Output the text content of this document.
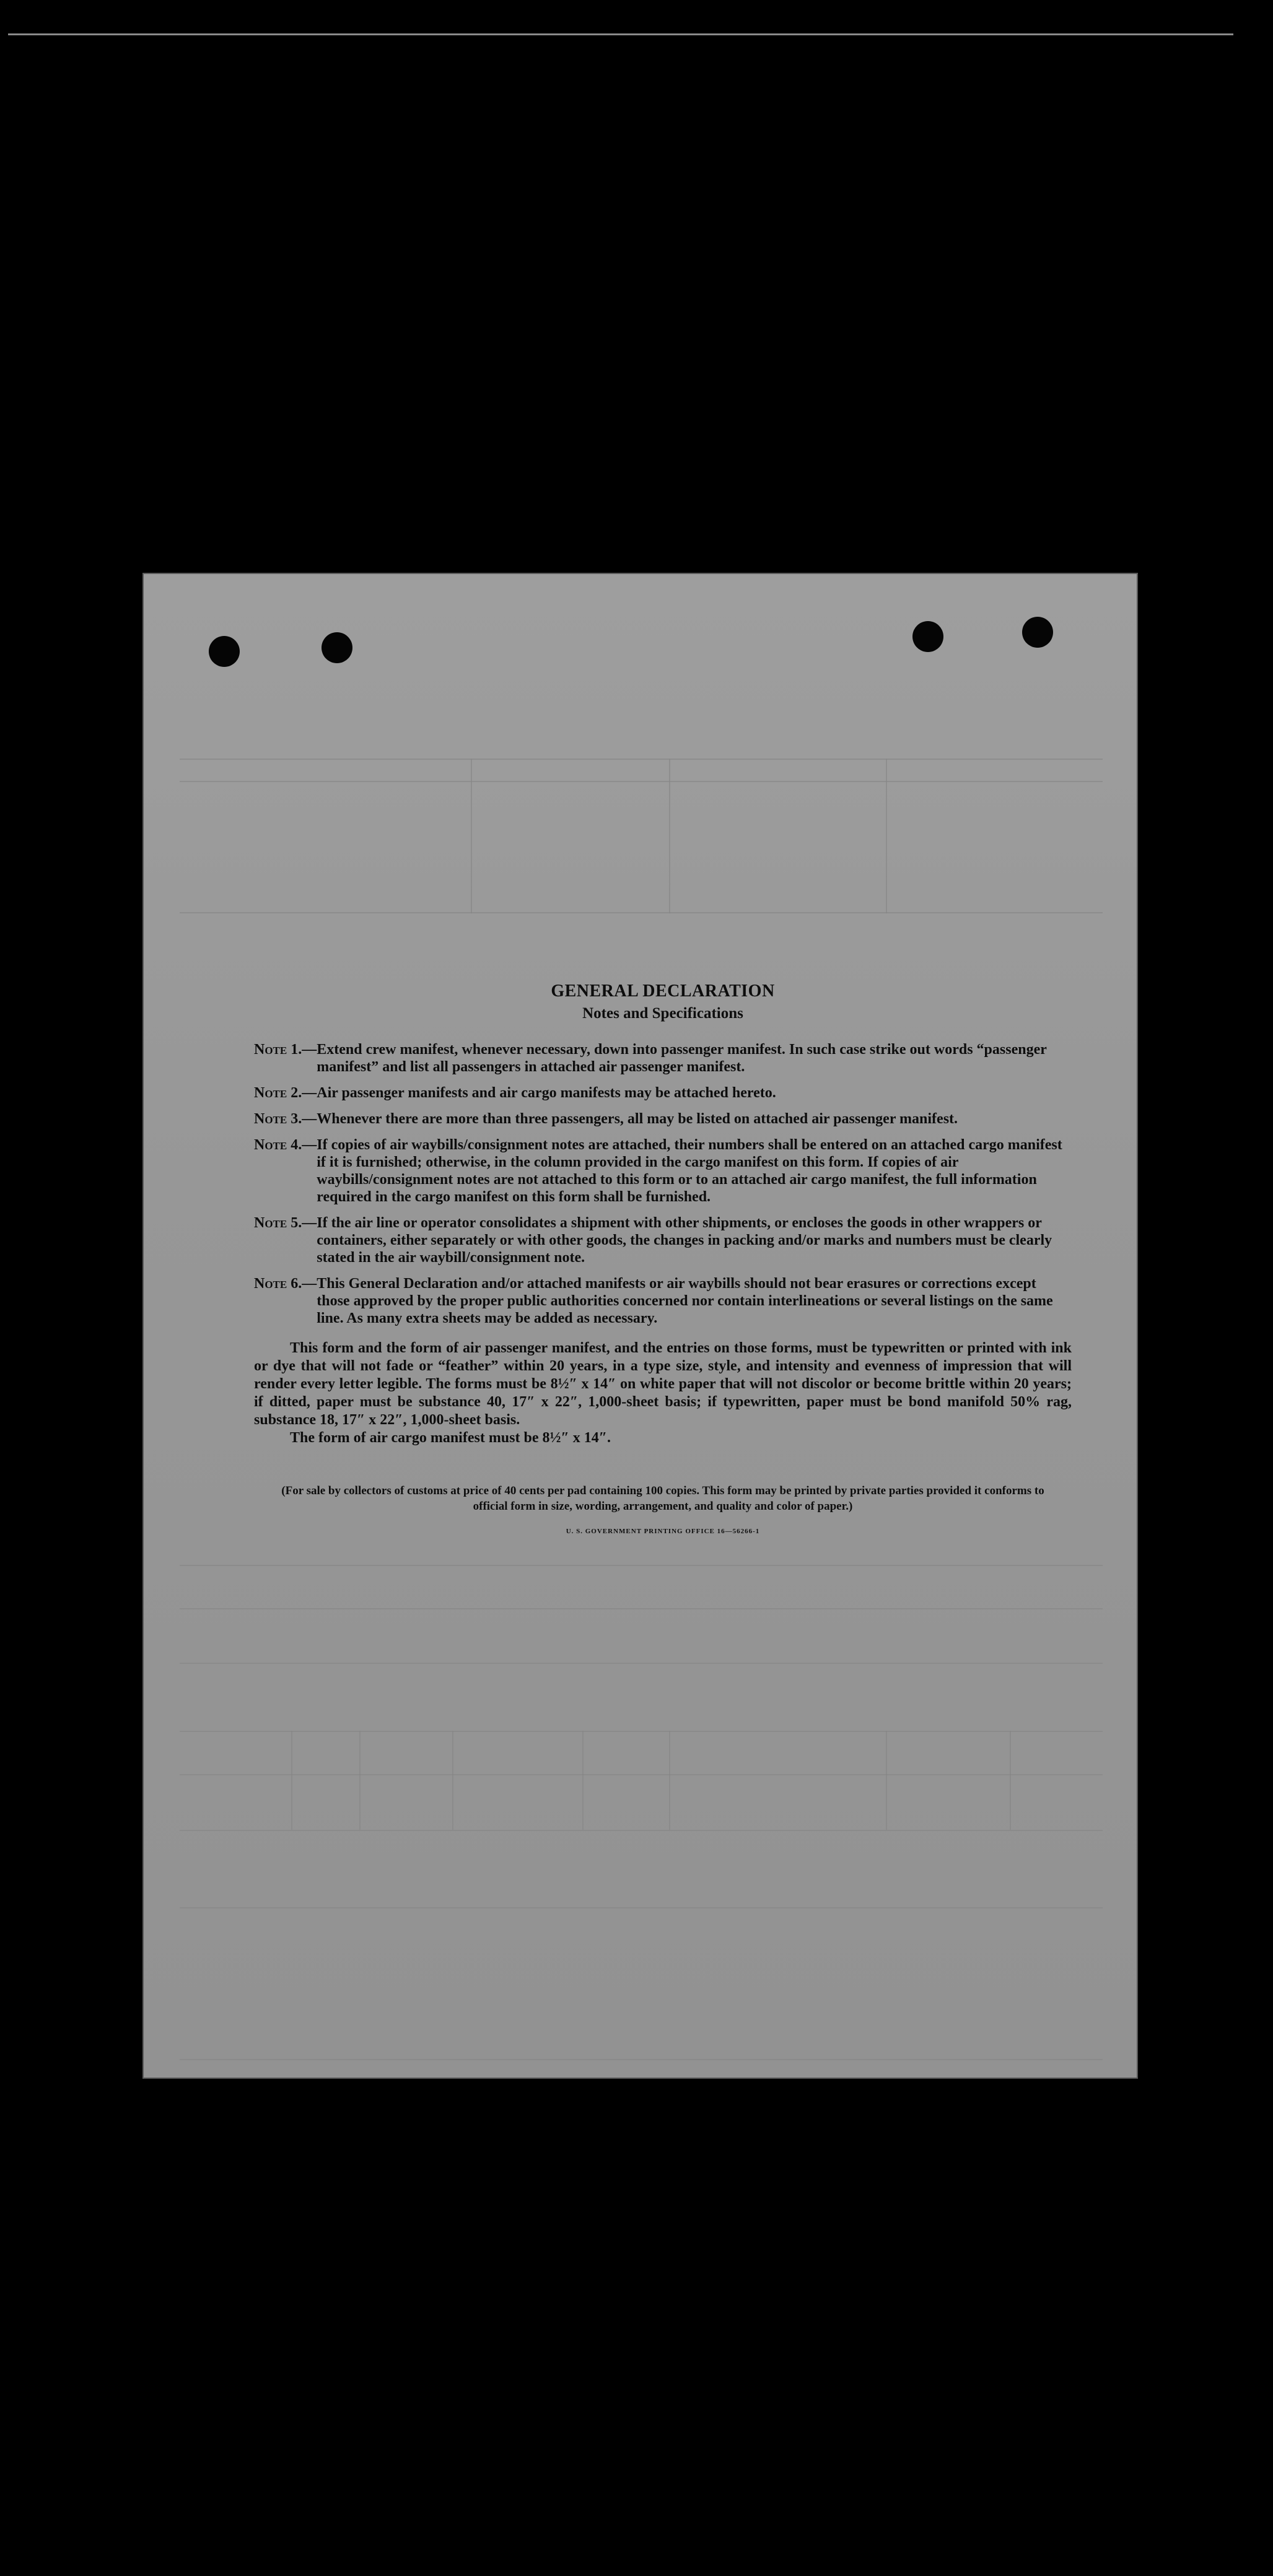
GENERAL DECLARATION
Notes and Specifications
Note 1.— Extend crew manifest, whenever necessary, down into passenger manifest. In such case strike out words “passenger manifest” and list all passengers in attached air passenger manifest.
Note 2.— Air passenger manifests and air cargo manifests may be attached hereto.
Note 3.— Whenever there are more than three passengers, all may be listed on attached air passenger manifest.
Note 4.— If copies of air waybills/consignment notes are attached, their numbers shall be entered on an attached cargo manifest if it is furnished; otherwise, in the column provided in the cargo manifest on this form. If copies of air waybills/consignment notes are not attached to this form or to an attached air cargo manifest, the full information required in the cargo manifest on this form shall be furnished.
Note 5.— If the air line or operator consolidates a shipment with other shipments, or encloses the goods in other wrappers or containers, either separately or with other goods, the changes in packing and/or marks and numbers must be clearly stated in the air waybill/consignment note.
Note 6.— This General Declaration and/or attached manifests or air waybills should not bear erasures or corrections except those approved by the proper public authorities concerned nor contain interlineations or several listings on the same line. As many extra sheets may be added as necessary.

This form and the form of air passenger manifest, and the entries on those forms, must be typewritten or printed with ink or dye that will not fade or “feather” within 20 years, in a type size, style, and intensity and evenness of impression that will render every letter legible. The forms must be 8½″ x 14″ on white paper that will not discolor or become brittle within 20 years; if ditted, paper must be substance 40, 17″ x 22″, 1,000-sheet basis; if typewritten, paper must be bond manifold 50% rag, substance 18, 17″ x 22″, 1,000-sheet basis.

The form of air cargo manifest must be 8½″ x 14″.

(For sale by collectors of customs at price of 40 cents per pad containing 100 copies. This form may be printed by private parties provided it conforms to official form in size, wording, arrangement, and quality and color of paper.)
U. S. GOVERNMENT PRINTING OFFICE 16—56266-1
